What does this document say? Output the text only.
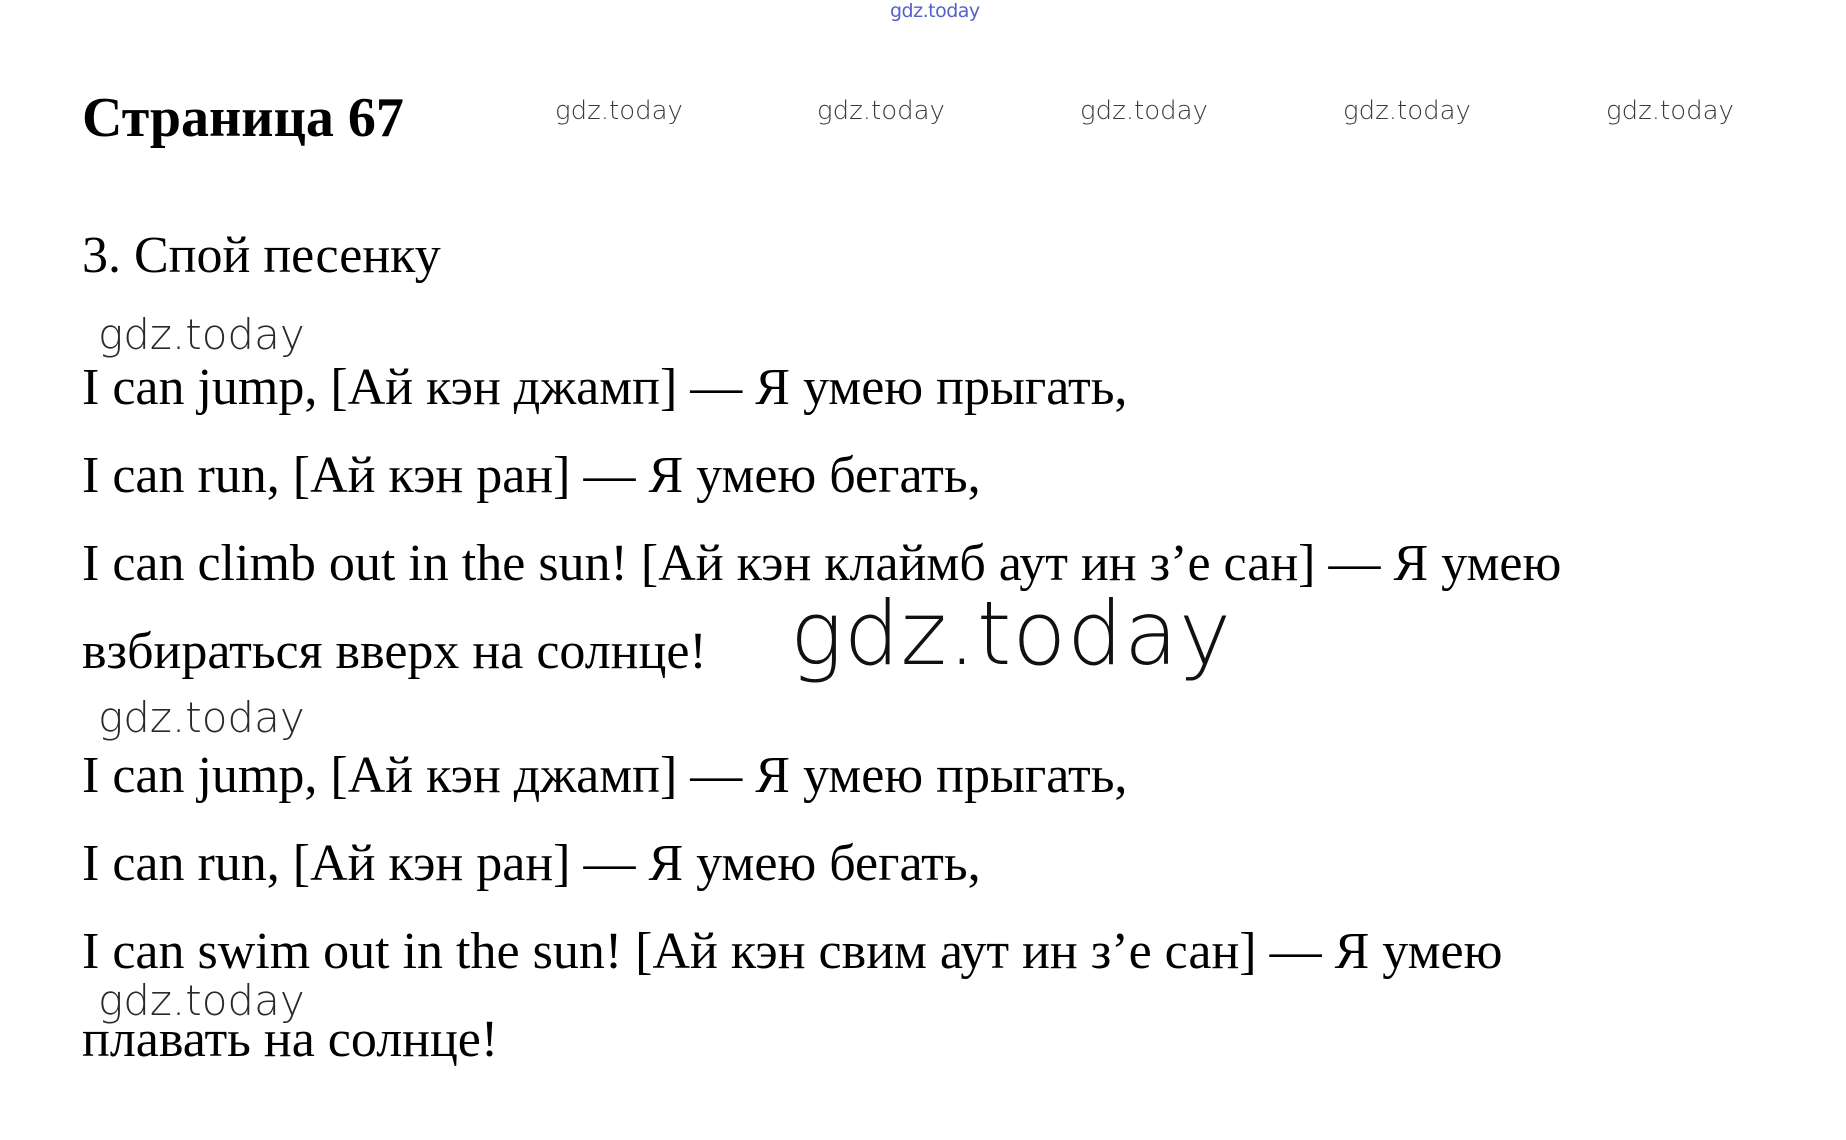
gdz.today
Страница 67	gdz.today	gdz.today	gdz.today	gdz.today	gdz.today
3. Спой песенку
gdz.today
I can jump, [Ай кэн джамп] — Я умею прыгать,
I can run, [Ай кэн ран] — Я умею бегать,
I can climb out in the sun! [Ай кэн клаймб аут ин з’е сан] — Я умею
взбираться вверх на солнце! gdz.today
gdz.today
I can jump, [Ай кэн джамп] — Я умею прыгать,
I can run, [Ай кэн ран] — Я умею бегать,
I can swim out in the sun! [Ай кэн свим аут ин з’е сан] — Я умею
gdz.today
плавать на солнце!
